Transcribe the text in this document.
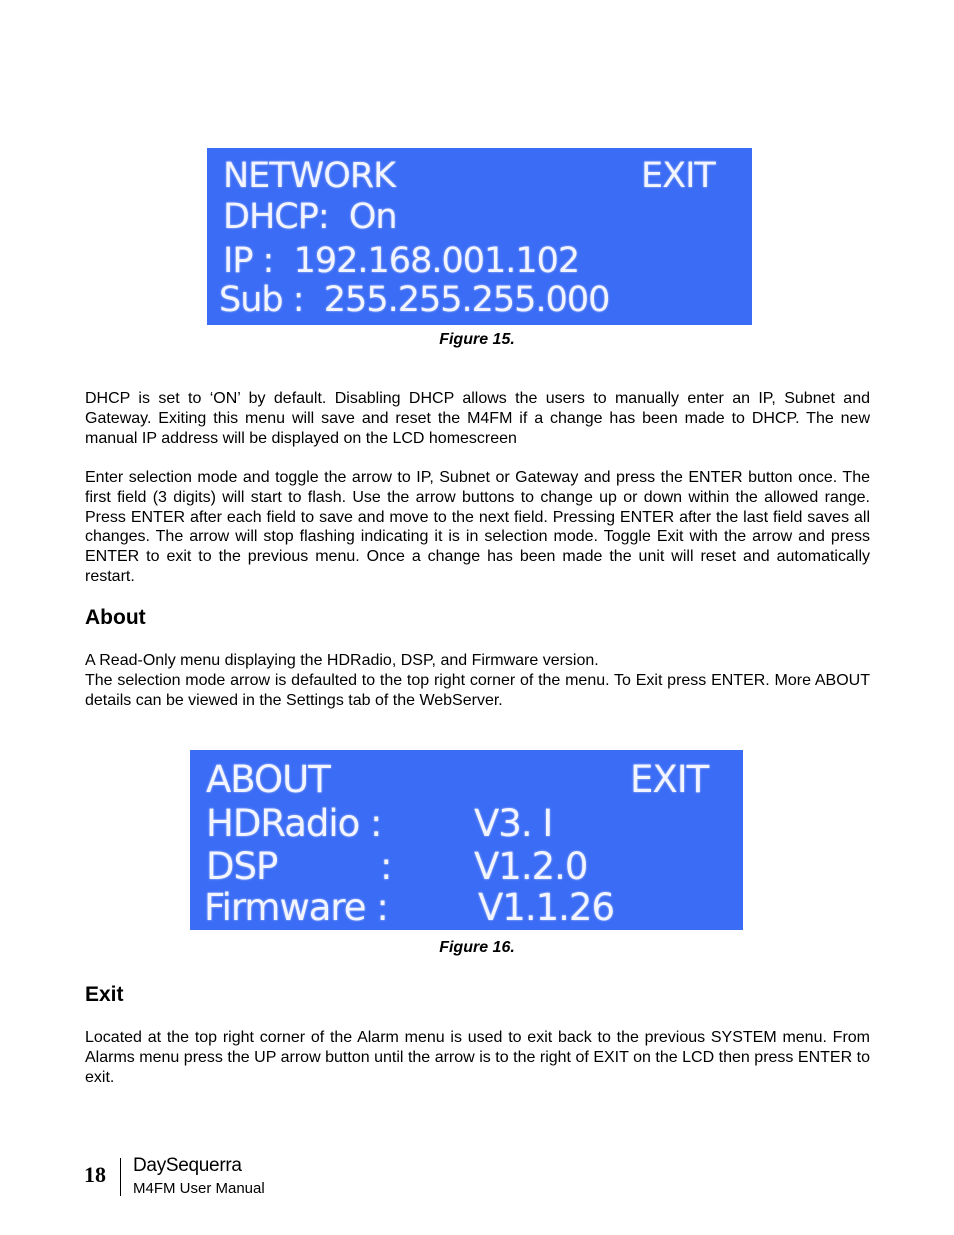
NETWORK	EXIT
DHCP:  On
IP :  192.168.001.102
Sub :  255.255.255.000
Figure 15.

DHCP is set to ‘ON’ by default. Disabling DHCP allows the users to manually enter an IP, Subnet and Gateway. Exiting this menu will save and reset the M4FM if a change has been made to DHCP. The new manual IP address will be displayed on the LCD homescreen

Enter selection mode and toggle the arrow to IP, Subnet or Gateway and press the ENTER button once. The first field (3 digits) will start to flash. Use the arrow buttons to change up or down within the allowed range. Press ENTER after each field to save and move to the next field. Pressing ENTER after the last field saves all changes. The arrow will stop flashing indicating it is in selection mode. Toggle Exit with the arrow and press ENTER to exit to the previous menu. Once a change has been made the unit will reset and automatically restart.

About

A Read-Only menu displaying the HDRadio, DSP, and Firmware version.
The selection mode arrow is defaulted to the top right corner of the menu. To Exit press ENTER. More ABOUT details can be viewed in the Settings tab of the WebServer.

ABOUT	EXIT
HDRadio : V3. I
DSP	: V1.2.0
Firmware : V1.1.26
Figure 16.
Exit

Located at the top right corner of the Alarm menu is used to exit back to the previous SYSTEM menu. From Alarms menu press the UP arrow button until the arrow is to the right of EXIT on the LCD then press ENTER to exit.

18 DaySequerra
M4FM User Manual
